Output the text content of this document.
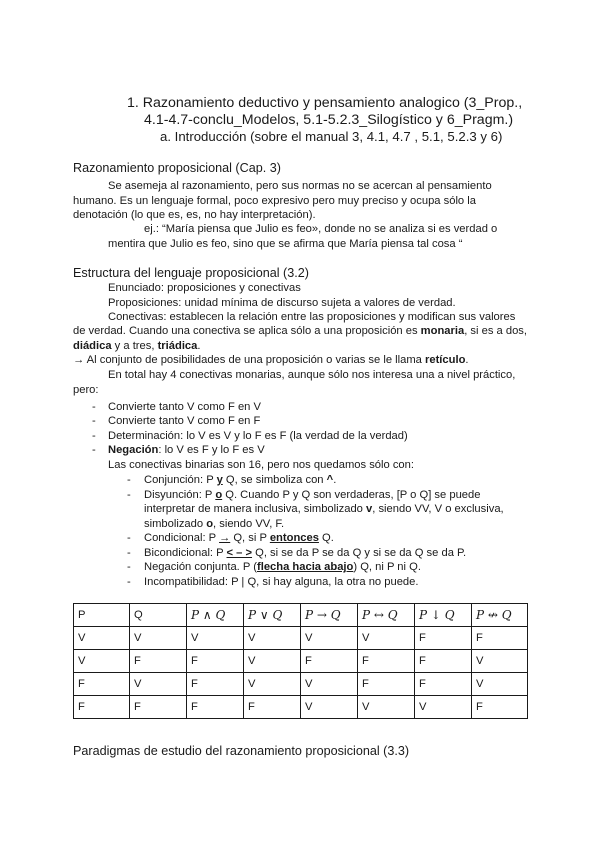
1. Razonamiento deductivo y pensamiento analogico (3_Prop.,
4.1-4.7-conclu_Modelos, 5.1-5.2.3_Silogístico y 6_Pragm.)
a. Introducción (sobre el manual 3, 4.1, 4.7 , 5.1, 5.2.3 y 6)
Razonamiento proposicional (Cap. 3)
Se asemeja al razonamiento, pero sus normas no se acercan al pensamiento
humano. Es un lenguaje formal, poco expresivo pero muy preciso y ocupa sólo la
denotación (lo que es, es, no hay interpretación).
ej.: “María piensa que Julio es feo», donde no se analiza si es verdad o
mentira que Julio es feo, sino que se afirma que María piensa tal cosa “
Estructura del lenguaje proposicional (3.2)
Enunciado: proposiciones y conectivas
Proposiciones: unidad mínima de discurso sujeta a valores de verdad.
Conectivas: establecen la relación entre las proposiciones y modifican sus valores
de verdad. Cuando una conectiva se aplica sólo a una proposición es monaria, si es a dos,
diádica y a tres, triádica.
→ Al conjunto de posibilidades de una proposición o varias se le llama retículo.
En total hay 4 conectivas monarias, aunque sólo nos interesa una a nivel práctico,
pero:
- Convierte tanto V como F en V
- Convierte tanto V como F en F
- Determinación: lo V es V y lo F es F (la verdad de la verdad)
- Negación: lo V es F y lo F es V
Las conectivas binarias son 16, pero nos quedamos sólo con:
- Conjunción: P y Q, se simboliza con ^.
- Disyunción: P o Q. Cuando P y Q son verdaderas, [P o Q] se puede
interpretar de manera inclusiva, simbolizado v, siendo VV, V o exclusiva,
simbolizado o, siendo VV, F.
- Condicional: P → Q, si P entonces Q.
- Bicondicional: P < – > Q, si se da P se da Q y si se da Q se da P.
- Negación conjunta. P (flecha hacia abajo) Q, ni P ni Q.
- Incompatibilidad: P | Q, si hay alguna, la otra no puede.
P	Q	P ∧ Q	P ∨ Q	P → Q	P ↔ Q	P ↓ Q	P ↮ Q
V	V	V	V	V	V	F	F
V	F	F	V	F	F	F	V
F	V	F	V	V	F	F	V
F	F	F	F	V	V	V	F
Paradigmas de estudio del razonamiento proposicional (3.3)
